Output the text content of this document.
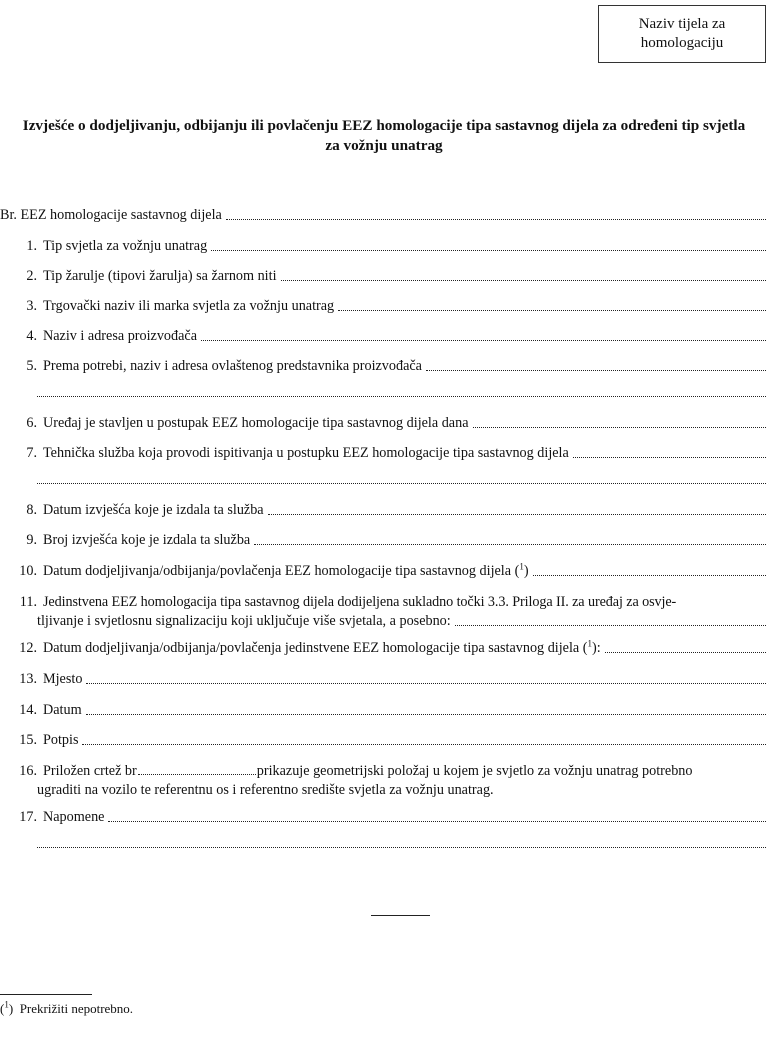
Naziv tijela za
homologaciju
Izvješće o dodjeljivanju, odbijanju ili povlačenju EEZ homologacije tipa sastavnog dijela za određeni tip svjetla
za vožnju unatrag
Br. EEZ homologacije sastavnog dijela
1. Tip svjetla za vožnju unatrag
2. Tip žarulje (tipovi žarulja) sa žarnom niti
3. Trgovački naziv ili marka svjetla za vožnju unatrag
4. Naziv i adresa proizvođača
5. Prema potrebi, naziv i adresa ovlaštenog predstavnika proizvođača
6. Uređaj je stavljen u postupak EEZ homologacije tipa sastavnog dijela dana
7. Tehnička služba koja provodi ispitivanja u postupku EEZ homologacije tipa sastavnog dijela
8. Datum izvješća koje je izdala ta služba
9. Broj izvješća koje je izdala ta služba
10. Datum dodjeljivanja/odbijanja/povlačenja EEZ homologacije tipa sastavnog dijela ($^1$)
11. Jedinstvena EEZ homologacija tipa sastavnog dijela dodijeljena sukladno točki 3.3. Priloga II. za uređaj za osvje-
tljivanje i svjetlosnu signalizaciju koji uključuje više svjetala, a posebno:
12. Datum dodjeljivanja/odbijanja/povlačenja jedinstvene EEZ homologacije tipa sastavnog dijela ($^1$):
13. Mjesto
14. Datum
15. Potpis
16. Priložen crtež br	prikazuje geometrijski položaj u kojem je svjetlo za vožnju unatrag potrebno
ugraditi na vozilo te referentnu os i referentno središte svjetla za vožnju unatrag.
17. Napomene
($^1$)  Prekrižiti nepotrebno.
